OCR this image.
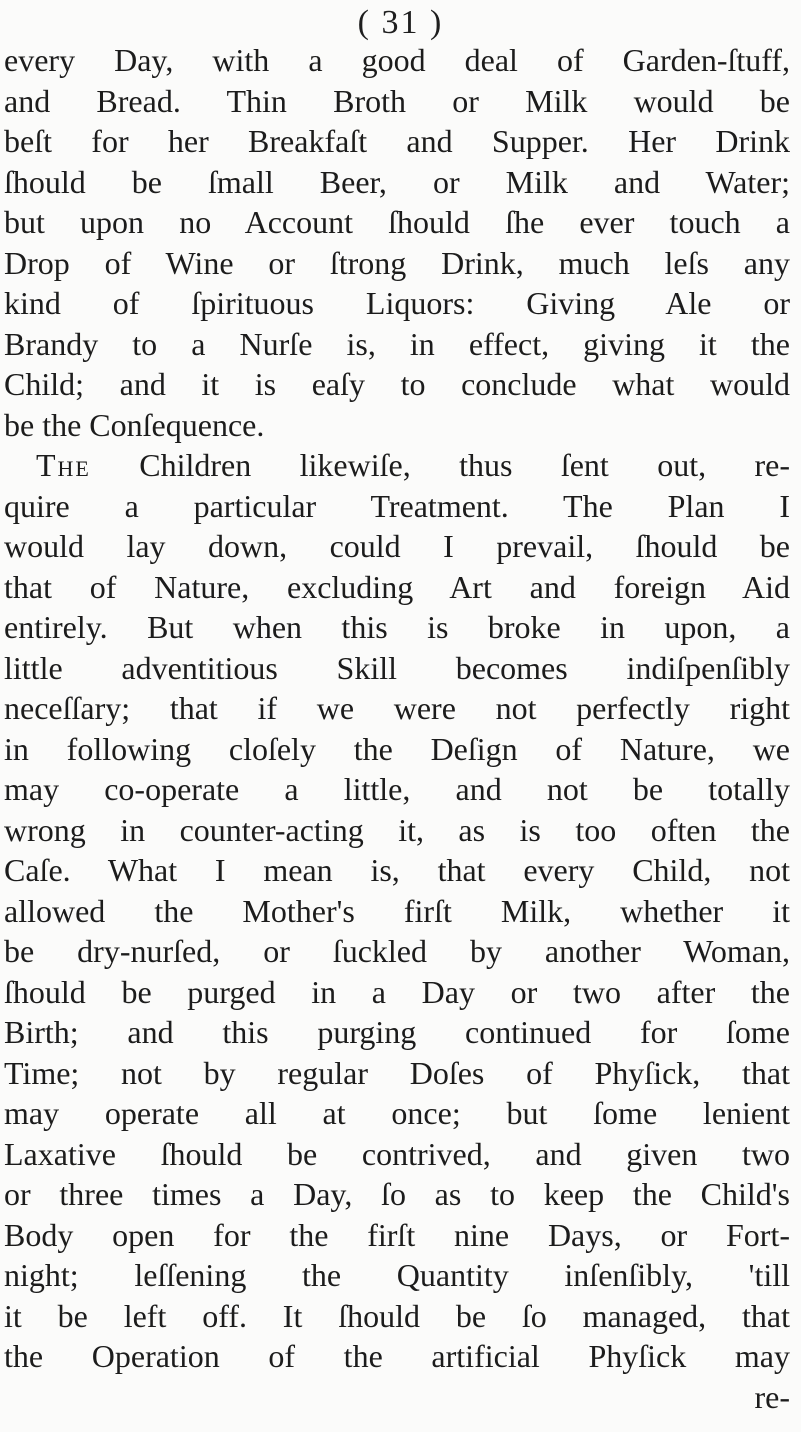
( 31 )
every Day, with a good deal of Garden-ſtuff,
and Bread. Thin Broth or Milk would be
beſt for her Breakfaſt and Supper. Her Drink
ſhould be ſmall Beer, or Milk and Water;
but upon no Account ſhould ſhe ever touch a
Drop of Wine or ſtrong Drink, much leſs any
kind of ſpirituous Liquors: Giving Ale or
Brandy to a Nurſe is, in effect, giving it the
Child; and it is eaſy to conclude what would
be the Conſequence.
The Children likewiſe, thus ſent out, re-
quire a particular Treatment. The Plan I
would lay down, could I prevail, ſhould be
that of Nature, excluding Art and foreign Aid
entirely. But when this is broke in upon, a
little adventitious Skill becomes indiſpenſibly
neceſſary; that if we were not perfectly right
in following cloſely the Deſign of Nature, we
may co-operate a little, and not be totally
wrong in counter-acting it, as is too often the
Caſe. What I mean is, that every Child, not
allowed the Mother's firſt Milk, whether it
be dry-nurſed, or ſuckled by another Woman,
ſhould be purged in a Day or two after the
Birth; and this purging continued for ſome
Time; not by regular Doſes of Phyſick, that
may operate all at once; but ſome lenient
Laxative ſhould be contrived, and given two
or three times a Day, ſo as to keep the Child's
Body open for the firſt nine Days, or Fort-
night; leſſening the Quantity inſenſibly, 'till
it be left off. It ſhould be ſo managed, that
the Operation of the artificial Phyſick may
re-
